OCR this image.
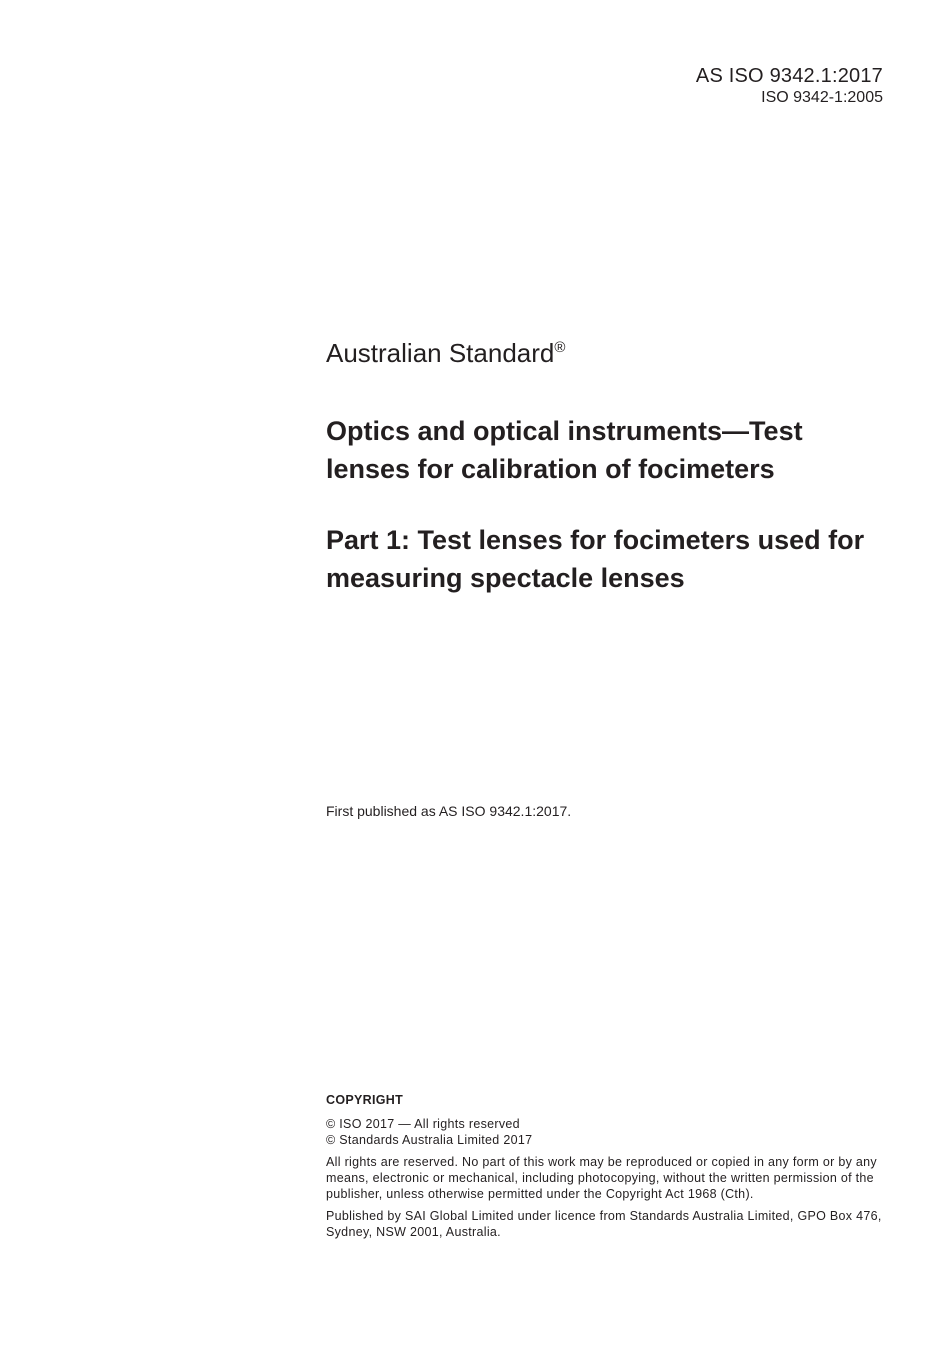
AS ISO 9342.1:2017
ISO 9342-1:2005
Australian Standard®
Optics and optical instruments—Test lenses for calibration of focimeters
Part 1: Test lenses for focimeters used for measuring spectacle lenses
First published as AS ISO 9342.1:2017.
COPYRIGHT
© ISO 2017 — All rights reserved
© Standards Australia Limited 2017
All rights are reserved. No part of this work may be reproduced or copied in any form or by any means, electronic or mechanical, including photocopying, without the written permission of the publisher, unless otherwise permitted under the Copyright Act 1968 (Cth).
Published by SAI Global Limited under licence from Standards Australia Limited, GPO Box 476, Sydney, NSW 2001, Australia.
